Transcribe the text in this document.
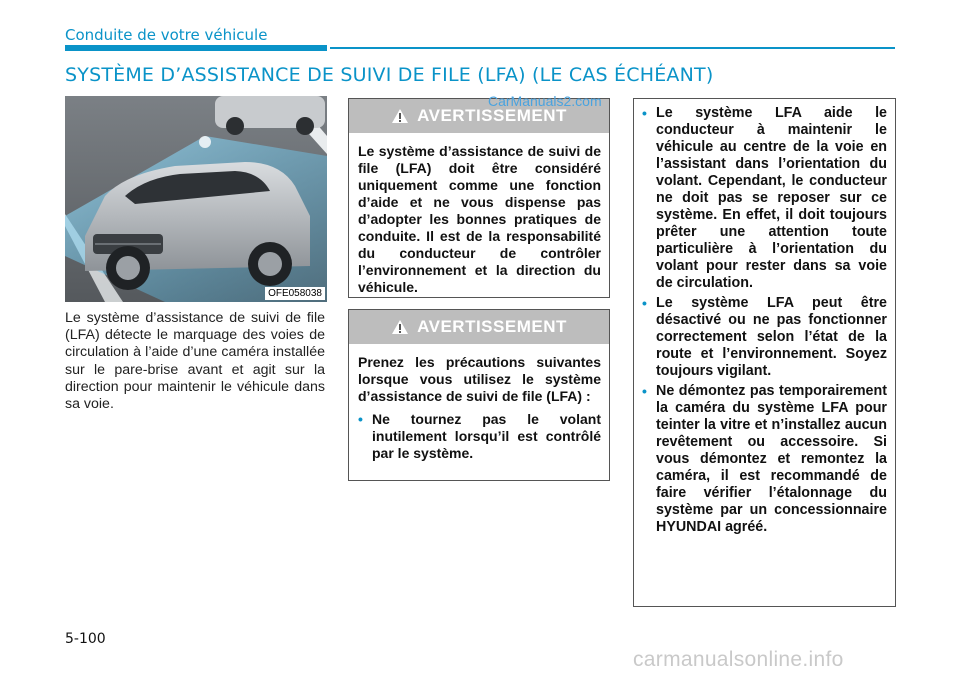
Conduite de votre véhicule
SYSTÈME D’ASSISTANCE DE SUIVI DE FILE (LFA) (LE CAS ÉCHÉANT)
OFE058038
Le système d’assistance de suivi de file (LFA) détecte le marquage des voies de circulation à l’aide d’une caméra installée sur le pare-brise avant et agit sur la direction pour maintenir le véhicule dans sa voie.
AVERTISSEMENT
Le système d’assistance de suivi de file (LFA) doit être considéré uniquement comme une fonction d’aide et ne vous dispense pas d’adopter les bonnes pratiques de conduite. Il est de la responsabilité du conducteur de contrôler l’environnement et la direction du véhicule.
AVERTISSEMENT
Prenez les précautions suivantes lorsque vous utilisez le système d’assistance de suivi de file (LFA) :
• Ne tournez pas le volant inutilement lorsqu’il est contrôlé par le système.
• Le système LFA aide le conducteur à maintenir le véhicule au centre de la voie en l’assistant dans l’orientation du volant. Cependant, le conducteur ne doit pas se reposer sur ce système. En effet, il doit toujours prêter une attention toute particulière à l’orientation du volant pour rester dans sa voie de circulation.
• Le système LFA peut être désactivé ou ne pas fonctionner correctement selon l’état de la route et l’environnement. Soyez toujours vigilant.
• Ne démontez pas temporairement la caméra du système LFA pour teinter la vitre et n’installez aucun revêtement ou accessoire. Si vous démontez et remontez la caméra, il est recommandé de faire vérifier l’étalonnage du système par un concessionnaire HYUNDAI agréé.
CarManuals2.com
5-100
carmanualsonline.info
